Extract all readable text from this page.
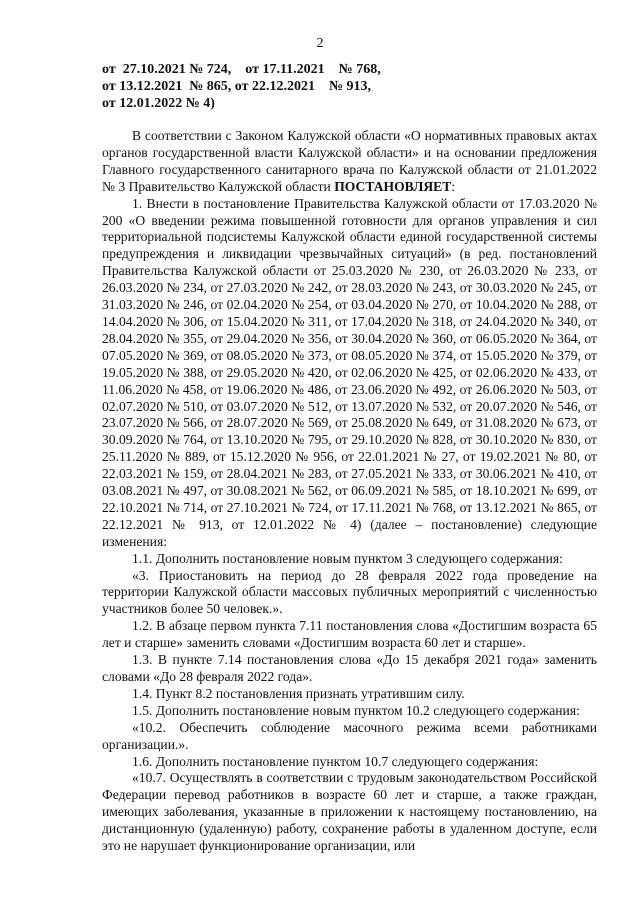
2
от  27.10.2021 № 724,    от 17.11.2021    № 768,
от 13.12.2021  № 865, от 22.12.2021    № 913,
от 12.01.2022 № 4)

В соответствии с Законом Калужской области «О нормативных правовых актах органов государственной власти Калужской области» и на основании предложения Главного государственного санитарного врача по Калужской области от 21.01.2022 № 3 Правительство Калужской области ПОСТАНОВЛЯЕТ:

1. Внести в постановление Правительства Калужской области от 17.03.2020 № 200 «О введении режима повышенной готовности для органов управления и сил территориальной подсистемы Калужской области единой государственной системы предупреждения и ликвидации чрезвычайных ситуаций» (в ред. постановлений Правительства Калужской области от 25.03.2020 № 230, от 26.03.2020 № 233, от 26.03.2020 № 234, от 27.03.2020 № 242, от 28.03.2020 № 243, от 30.03.2020 № 245, от 31.03.2020 № 246, от 02.04.2020 № 254, от 03.04.2020 № 270, от 10.04.2020 № 288, от 14.04.2020 № 306, от 15.04.2020 № 311, от 17.04.2020 № 318, от 24.04.2020 № 340, от 28.04.2020 № 355, от 29.04.2020 № 356, от 30.04.2020 № 360, от 06.05.2020 № 364, от 07.05.2020 № 369, от 08.05.2020 № 373, от 08.05.2020 № 374, от 15.05.2020 № 379, от 19.05.2020 № 388, от 29.05.2020 № 420, от 02.06.2020 № 425, от 02.06.2020 № 433, от 11.06.2020 № 458, от 19.06.2020 № 486, от 23.06.2020 № 492, от 26.06.2020 № 503, от 02.07.2020 № 510, от 03.07.2020 № 512, от 13.07.2020 № 532, от 20.07.2020 № 546, от 23.07.2020 № 566, от 28.07.2020 № 569, от 25.08.2020 № 649, от 31.08.2020 № 673, от 30.09.2020 № 764, от 13.10.2020 № 795, от 29.10.2020 № 828, от 30.10.2020 № 830, от 25.11.2020 № 889, от 15.12.2020 № 956, от 22.01.2021 № 27, от 19.02.2021 № 80, от 22.03.2021 № 159, от 28.04.2021 № 283, от 27.05.2021 № 333, от 30.06.2021 № 410, от 03.08.2021 № 497, от 30.08.2021 № 562, от 06.09.2021 № 585, от 18.10.2021 № 699, от 22.10.2021 № 714, от 27.10.2021 № 724, от 17.11.2021 № 768, от 13.12.2021 № 865, от 22.12.2021 № 913, от 12.01.2022 № 4) (далее – постановление) следующие изменения:

1.1. Дополнить постановление новым пунктом 3 следующего содержания:

«3. Приостановить на период до 28 февраля 2022 года проведение на территории Калужской области массовых публичных мероприятий с численностью участников более 50 человек.».

1.2. В абзаце первом пункта 7.11 постановления слова «Достигшим возраста 65 лет и старше» заменить словами «Достигшим возраста 60 лет и старше».

1.3. В пункте 7.14 постановления слова «До 15 декабря 2021 года» заменить словами «До 28 февраля 2022 года».

1.4. Пункт 8.2 постановления признать утратившим силу.

1.5. Дополнить постановление новым пунктом 10.2 следующего содержания:

«10.2. Обеспечить соблюдение масочного режима всеми работниками организации.».

1.6. Дополнить постановление пунктом 10.7 следующего содержания:

«10.7. Осуществлять в соответствии с трудовым законодательством Российской Федерации перевод работников в возрасте 60 лет и старше, а также граждан, имеющих заболевания, указанные в приложении к настоящему постановлению, на дистанционную (удаленную) работу, сохранение работы в удаленном доступе, если это не нарушает функционирование организации, или
